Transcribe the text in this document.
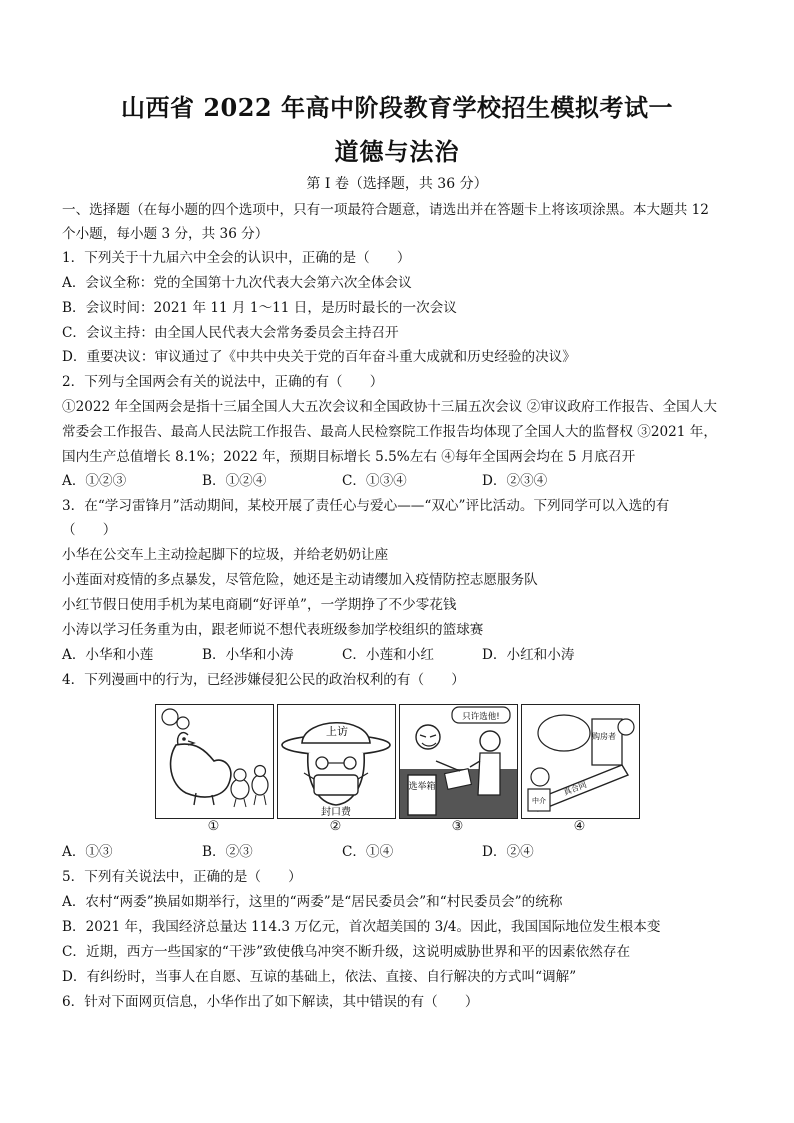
山西省 2022 年高中阶段教育学校招生模拟考试一
道德与法治
第 I 卷（选择题，共 36 分）
一、选择题（在每小题的四个选项中，只有一项最符合题意，请选出并在答题卡上将该项涂黑。本大题共 12
个小题，每小题 3 分，共 36 分）
1．下列关于十九届六中全会的认识中，正确的是（　　）
A．会议全称：党的全国第十九次代表大会第六次全体会议
B．会议时间：2021 年 11 月 1～11 日，是历时最长的一次会议
C．会议主持：由全国人民代表大会常务委员会主持召开
D．重要决议：审议通过了《中共中央关于党的百年奋斗重大成就和历史经验的决议》
2．下列与全国两会有关的说法中，正确的有（　　）
①2022 年全国两会是指十三届全国人大五次会议和全国政协十三届五次会议 ②审议政府工作报告、全国人大
常委会工作报告、最高人民法院工作报告、最高人民检察院工作报告均体现了全国人大的监督权 ③2021 年，
国内生产总值增长 8.1%；2022 年，预期目标增长 5.5%左右 ④每年全国两会均在 5 月底召开
A．①②③	B．①②④	C．①③④	D．②③④
3．在“学习雷锋月”活动期间，某校开展了责任心与爱心——“双心”评比活动。下列同学可以入选的有
（　　）
小华在公交车上主动捡起脚下的垃圾，并给老奶奶让座
小莲面对疫情的多点暴发，尽管危险，她还是主动请缨加入疫情防控志愿服务队
小红节假日使用手机为某电商刷“好评单”，一学期挣了不少零花钱
小涛以学习任务重为由，跟老师说不想代表班级参加学校组织的篮球赛
A．小华和小莲	B．小华和小涛	C．小莲和小红	D．小红和小涛
4．下列漫画中的行为，已经涉嫌侵犯公民的政治权利的有（　　）
上访
封口费
只许选他!
选举箱
购房者
真合同
中介
①	②	③	④
A．①③	B．②③	C．①④	D．②④
5．下列有关说法中，正确的是（　　）
A．农村“两委”换届如期举行，这里的“两委”是“居民委员会”和“村民委员会”的统称
B．2021 年，我国经济总量达 114.3 万亿元，首次超美国的 3/4。因此，我国国际地位发生根本变
C．近期，西方一些国家的“干涉”致使俄乌冲突不断升级，这说明威胁世界和平的因素依然存在
D．有纠纷时，当事人在自愿、互谅的基础上，依法、直接、自行解决的方式叫“调解”
6．针对下面网页信息，小华作出了如下解读，其中错误的有（　　）
